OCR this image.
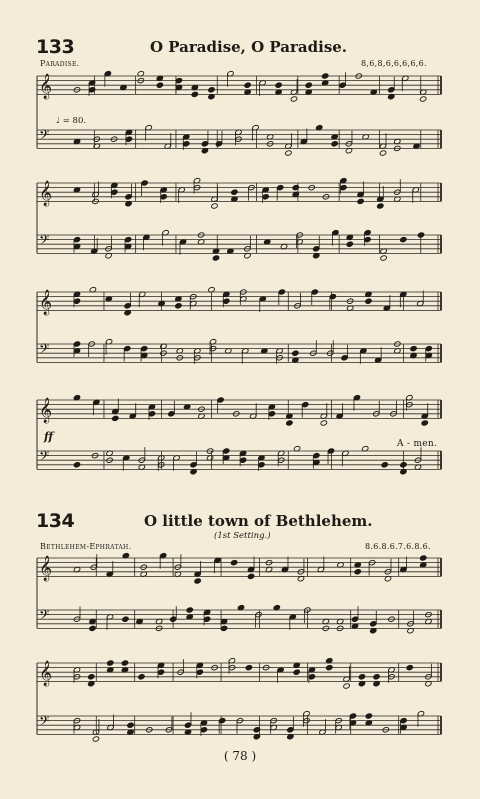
133	O Paradise, O Paradise.
Paradise.	8,6,8,6,6,6,6,6.
♩ = 80.
ff
A - men.
134	O little town of Bethlehem.
(1st Setting.)
Bethlehem-Ephratah.	8.6.8.6.7.6.8.6.
( 78 )
𝄞
𝄢
𝄞
𝄢
𝄞
𝄢
𝄞
𝄢
𝄞
𝄢
𝄞
𝄢
